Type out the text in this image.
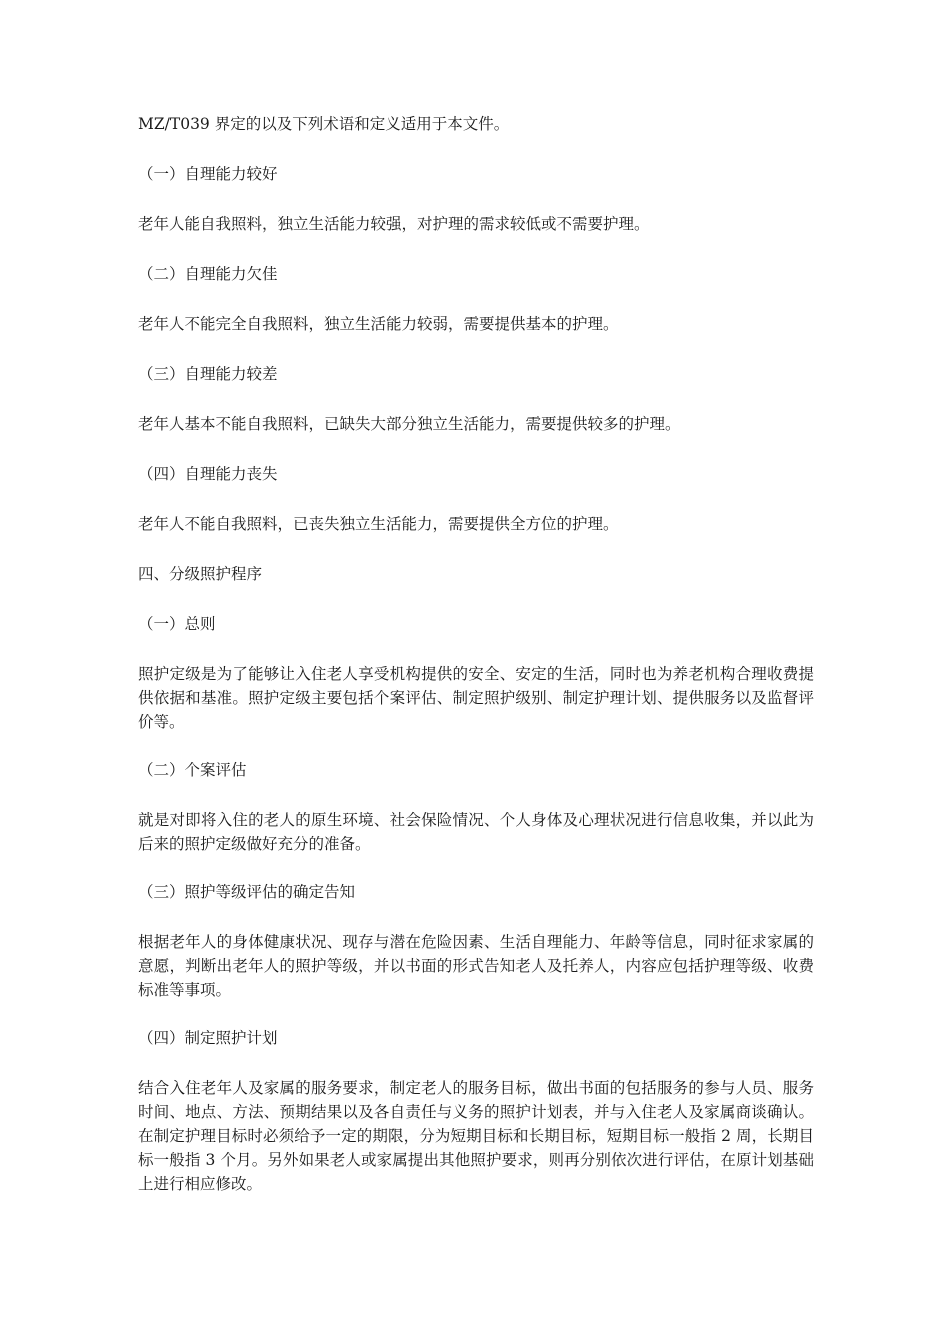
MZ/T039 界定的以及下列术语和定义适用于本文件。

（一）自理能力较好

老年人能自我照料，独立生活能力较强，对护理的需求较低或不需要护理。

（二）自理能力欠佳

老年人不能完全自我照料，独立生活能力较弱，需要提供基本的护理。

（三）自理能力较差

老年人基本不能自我照料，已缺失大部分独立生活能力，需要提供较多的护理。

（四）自理能力丧失

老年人不能自我照料，已丧失独立生活能力，需要提供全方位的护理。

四、分级照护程序

（一）总则

照护定级是为了能够让入住老人享受机构提供的安全、安定的生活，同时也为养老机构合理收费提供依据和基准。照护定级主要包括个案评估、制定照护级别、制定护理计划、提供服务以及监督评价等。

（二）个案评估

就是对即将入住的老人的原生环境、社会保险情况、个人身体及心理状况进行信息收集，并以此为后来的照护定级做好充分的准备。

（三）照护等级评估的确定告知

根据老年人的身体健康状况、现存与潜在危险因素、生活自理能力、年龄等信息，同时征求家属的意愿，判断出老年人的照护等级，并以书面的形式告知老人及托养人，内容应包括护理等级、收费标准等事项。

（四）制定照护计划

结合入住老年人及家属的服务要求，制定老人的服务目标，做出书面的包括服务的参与人员、服务时间、地点、方法、预期结果以及各自责任与义务的照护计划表，并与入住老人及家属商谈确认。在制定护理目标时必须给予一定的期限，分为短期目标和长期目标，短期目标一般指 2 周，长期目标一般指 3 个月。另外如果老人或家属提出其他照护要求，则再分别依次进行评估，在原计划基础上进行相应修改。
